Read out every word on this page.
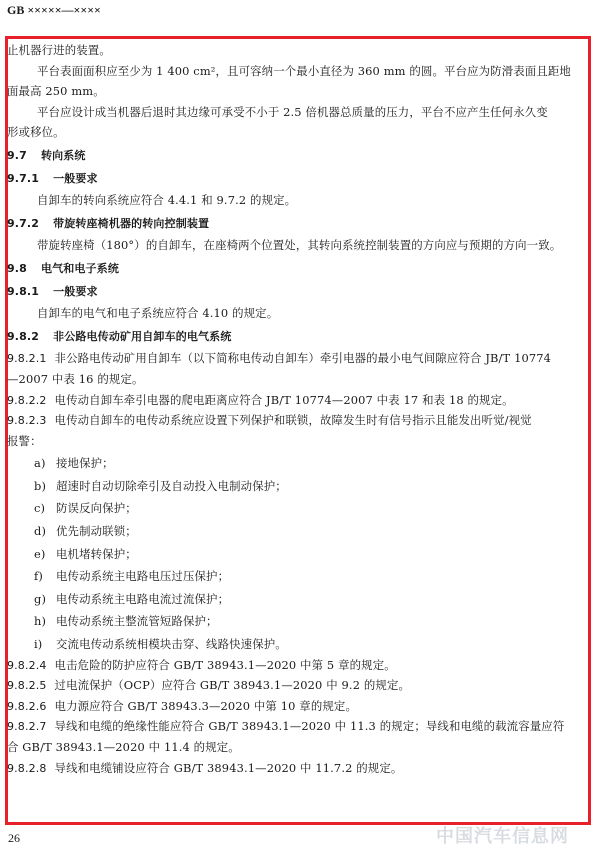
GB ×××××—××××
止机器行进的装置。
平台表面面积应至少为 1 400 cm²，且可容纳一个最小直径为 360 mm 的圆。平台应为防滑表面且距地
面最高 250 mm。
平台应设计成当机器后退时其边缘可承受不小于 2.5 倍机器总质量的压力，平台不应产生任何永久变
形或移位。
9.7 转向系统
9.7.1 一般要求
自卸车的转向系统应符合 4.4.1 和 9.7.2 的规定。
9.7.2 带旋转座椅机器的转向控制装置
带旋转座椅（180°）的自卸车，在座椅两个位置处，其转向系统控制装置的方向应与预期的方向一致。
9.8 电气和电子系统
9.8.1 一般要求
自卸车的电气和电子系统应符合 4.10 的规定。
9.8.2 非公路电传动矿用自卸车的电气系统
9.8.2.1 非公路电传动矿用自卸车（以下简称电传动自卸车）牵引电器的最小电气间隙应符合 JB/T 10774
—2007 中表 16 的规定。
9.8.2.2 电传动自卸车牵引电器的爬电距离应符合 JB/T 10774—2007 中表 17 和表 18 的规定。
9.8.2.3 电传动自卸车的电传动系统应设置下列保护和联锁，故障发生时有信号指示且能发出听觉/视觉
报警：
a) 接地保护；
b) 超速时自动切除牵引及自动投入电制动保护；
c) 防误反向保护；
d) 优先制动联锁；
e) 电机堵转保护；
f) 电传动系统主电路电压过压保护；
g) 电传动系统主电路电流过流保护；
h) 电传动系统主整流管短路保护；
i) 交流电传动系统相模块击穿、线路快速保护。
9.8.2.4 电击危险的防护应符合 GB/T 38943.1—2020 中第 5 章的规定。
9.8.2.5 过电流保护（OCP）应符合 GB/T 38943.1—2020 中 9.2 的规定。
9.8.2.6 电力源应符合 GB/T 38943.3—2020 中第 10 章的规定。
9.8.2.7 导线和电缆的绝缘性能应符合 GB/T 38943.1—2020 中 11.3 的规定；导线和电缆的载流容量应符
合 GB/T 38943.1—2020 中 11.4 的规定。
9.8.2.8 导线和电缆铺设应符合 GB/T 38943.1—2020 中 11.7.2 的规定。
26	中国汽车信息网
